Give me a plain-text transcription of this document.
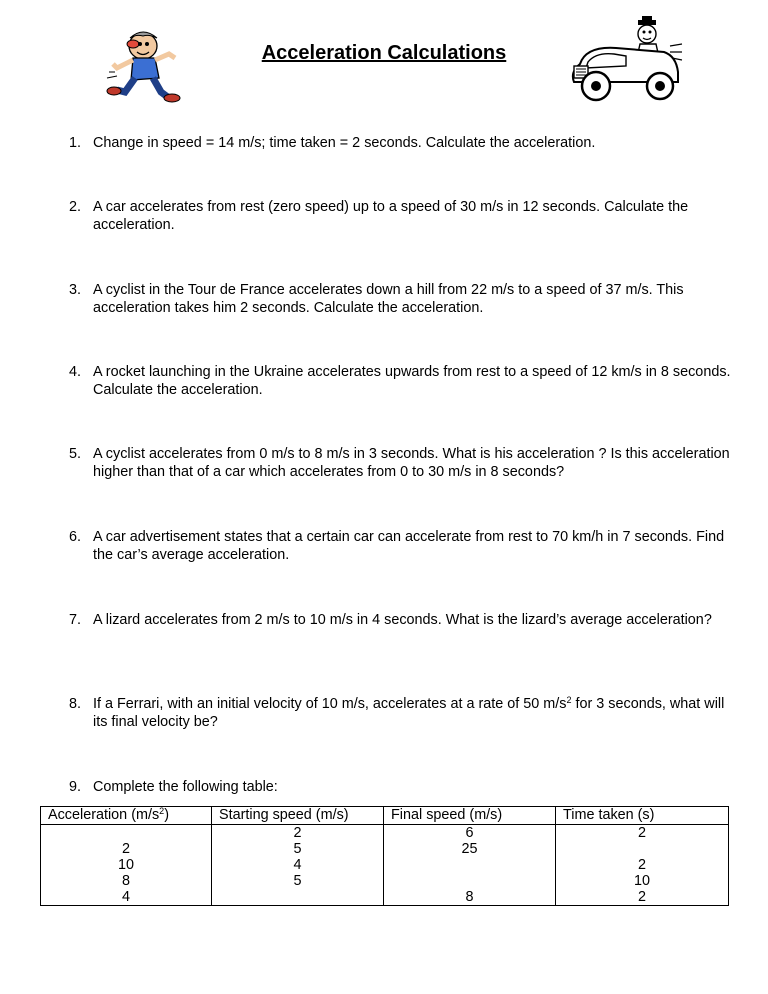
Acceleration Calculations
1. Change in speed = 14 m/s; time taken = 2 seconds. Calculate the acceleration.
2. A car accelerates from rest (zero speed) up to a speed of 30 m/s in 12 seconds. Calculate the acceleration.
3. A cyclist in the Tour de France accelerates down a hill from 22 m/s to a speed of 37 m/s. This acceleration takes him 2 seconds. Calculate the acceleration.
4. A rocket launching in the Ukraine accelerates upwards from rest to a speed of 12 km/s in 8 seconds. Calculate the acceleration.
5. A cyclist accelerates from 0 m/s to 8 m/s in 3 seconds. What is his acceleration ? Is this acceleration higher than that of a car which accelerates from 0 to 30 m/s in 8 seconds?
6. A car advertisement states that a certain car can accelerate from rest to 70 km/h in 7 seconds. Find the car’s average acceleration.
7. A lizard accelerates from 2 m/s to 10 m/s in 4 seconds. What is the lizard’s average acceleration?
8. If a Ferrari, with an initial velocity of 10 m/s, accelerates at a rate of 50 $m/s^2$ for 3 seconds, what will its final velocity be?
9. Complete the following table:
Acceleration $(m/s^2)$	Starting speed (m/s)	Final speed (m/s)	Time taken (s)
	2	6	2
2	5	25	
10	4		2
8	5		10
4		8	2
